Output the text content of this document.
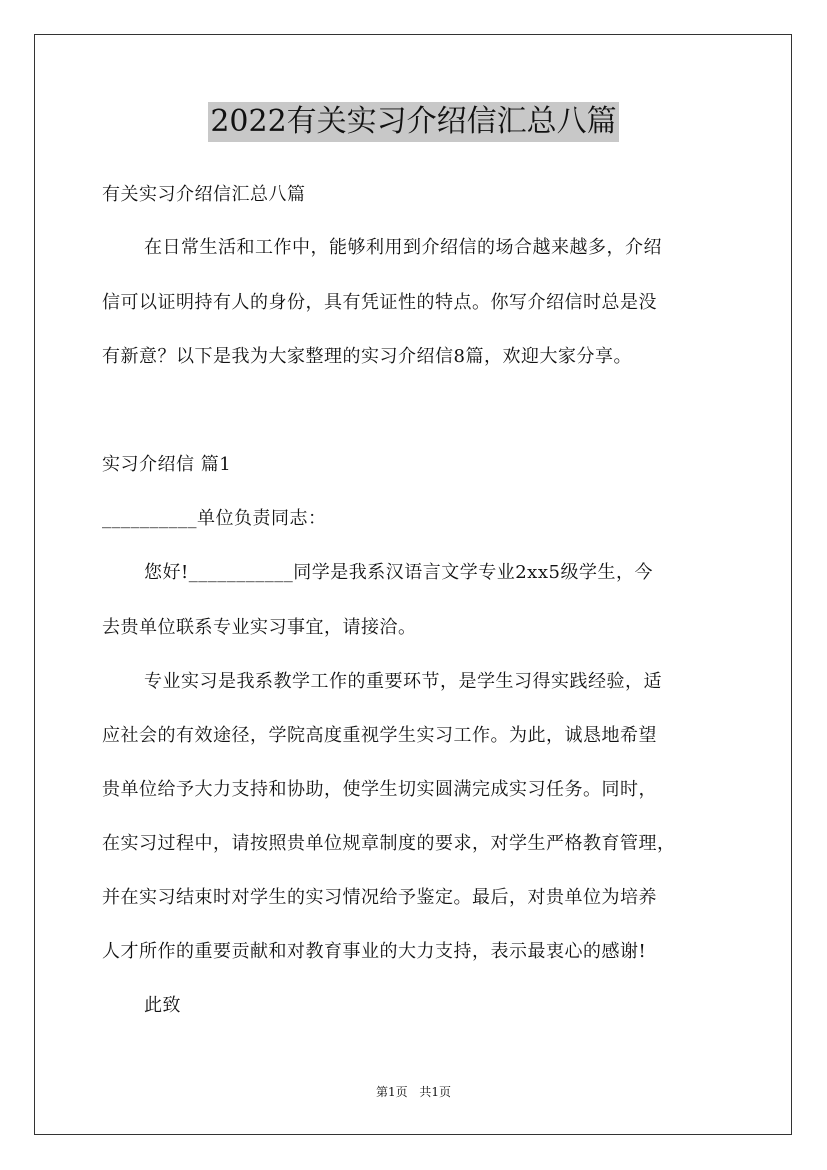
2022有关实习介绍信汇总八篇
有关实习介绍信汇总八篇
在日常生活和工作中，能够利用到介绍信的场合越来越多，介绍
信可以证明持有人的身份，具有凭证性的特点。你写介绍信时总是没
有新意？以下是我为大家整理的实习介绍信8篇，欢迎大家分享。
实习介绍信 篇1
__________单位负责同志：
您好!___________同学是我系汉语言文学专业2xx5级学生，今
去贵单位联系专业实习事宜，请接洽。
专业实习是我系教学工作的重要环节，是学生习得实践经验，适
应社会的有效途径，学院高度重视学生实习工作。为此，诚恳地希望
贵单位给予大力支持和协助，使学生切实圆满完成实习任务。同时，
在实习过程中，请按照贵单位规章制度的要求，对学生严格教育管理，
并在实习结束时对学生的实习情况给予鉴定。最后，对贵单位为培养
人才所作的重要贡献和对教育事业的大力支持，表示最衷心的感谢!
此致
第1页 共1页
